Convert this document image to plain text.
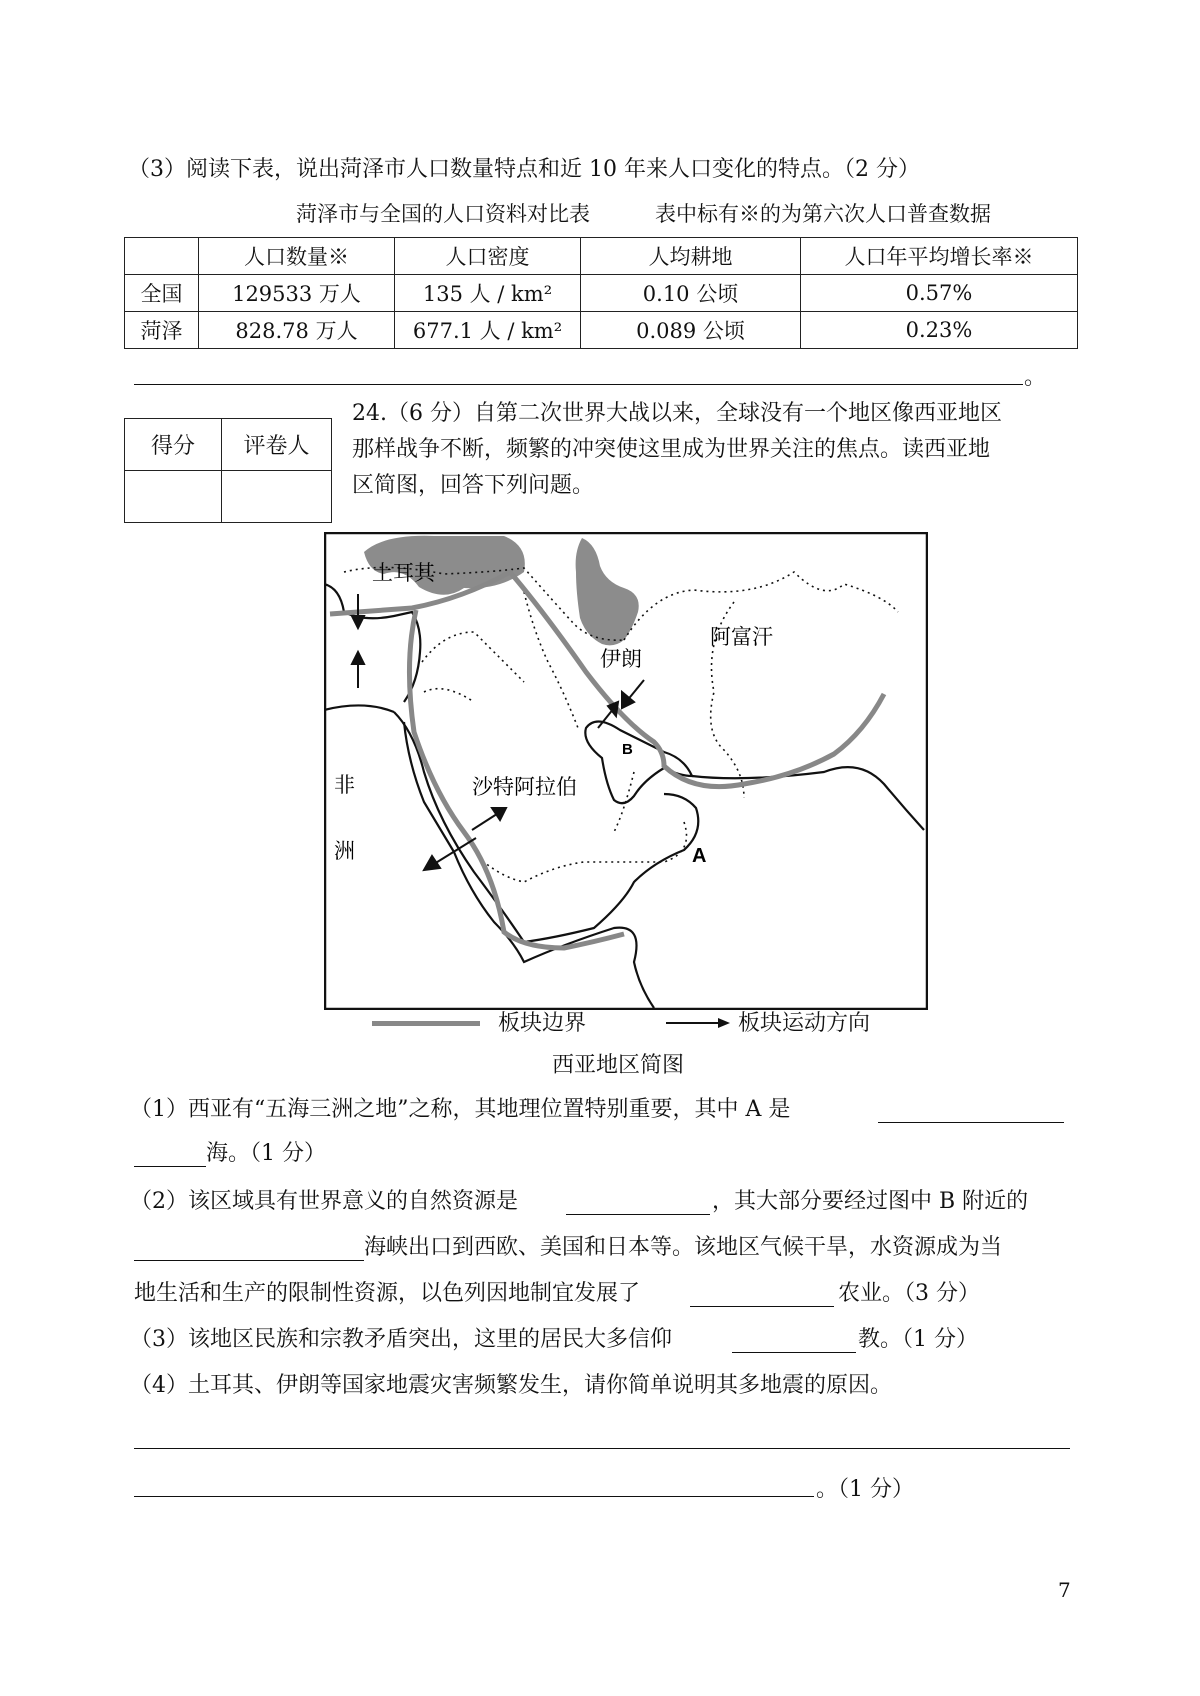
（3）阅读下表，说出菏泽市人口数量特点和近 10 年来人口变化的特点。（2 分）
菏泽市与全国的人口资料对比表	表中标有※的为第六次人口普查数据
	人口数量※	人口密度	人均耕地	人口年平均增长率※
全国	129533 万人	135 人 / km²	0.10 公顷	0.57%
菏泽	828.78 万人	677.1 人 / km²	0.089 公顷	0.23%
。
得分	评卷人

24.（6 分）自第二次世界大战以来，全球没有一个地区像西亚地区
那样战争不断，频繁的冲突使这里成为世界关注的焦点。读西亚地
区简图，回答下列问题。
土耳其
伊朗
阿富汗
沙特阿拉伯
非
洲	A
B
板块边界	板块运动方向
西亚地区简图
（1）西亚有“五海三洲之地”之称，其地理位置特别重要，其中 A 是
海。（1 分）
（2）该区域具有世界意义的自然资源是	，其大部分要经过图中 B 附近的
海峡出口到西欧、美国和日本等。该地区气候干旱，水资源成为当
地生活和生产的限制性资源，以色列因地制宜发展了	农业。（3 分）
（3）该地区民族和宗教矛盾突出，这里的居民大多信仰	教。（1 分）
（4）土耳其、伊朗等国家地震灾害频繁发生，请你简单说明其多地震的原因。
。（1 分）
7
